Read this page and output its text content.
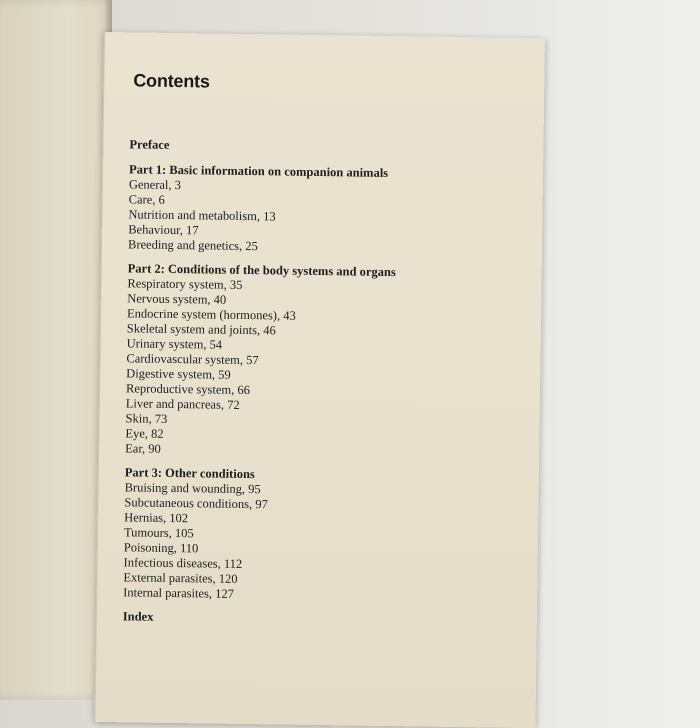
Contents
Preface
Part 1: Basic information on companion animals
General, 3
Care, 6
Nutrition and metabolism, 13
Behaviour, 17
Breeding and genetics, 25
Part 2: Conditions of the body systems and organs
Respiratory system, 35
Nervous system, 40
Endocrine system (hormones), 43
Skeletal system and joints, 46
Urinary system, 54
Cardiovascular system, 57
Digestive system, 59
Reproductive system, 66
Liver and pancreas, 72
Skin, 73
Eye, 82
Ear, 90
Part 3: Other conditions
Bruising and wounding, 95
Subcutaneous conditions, 97
Hernias, 102
Tumours, 105
Poisoning, 110
Infectious diseases, 112
External parasites, 120
Internal parasites, 127
Index
